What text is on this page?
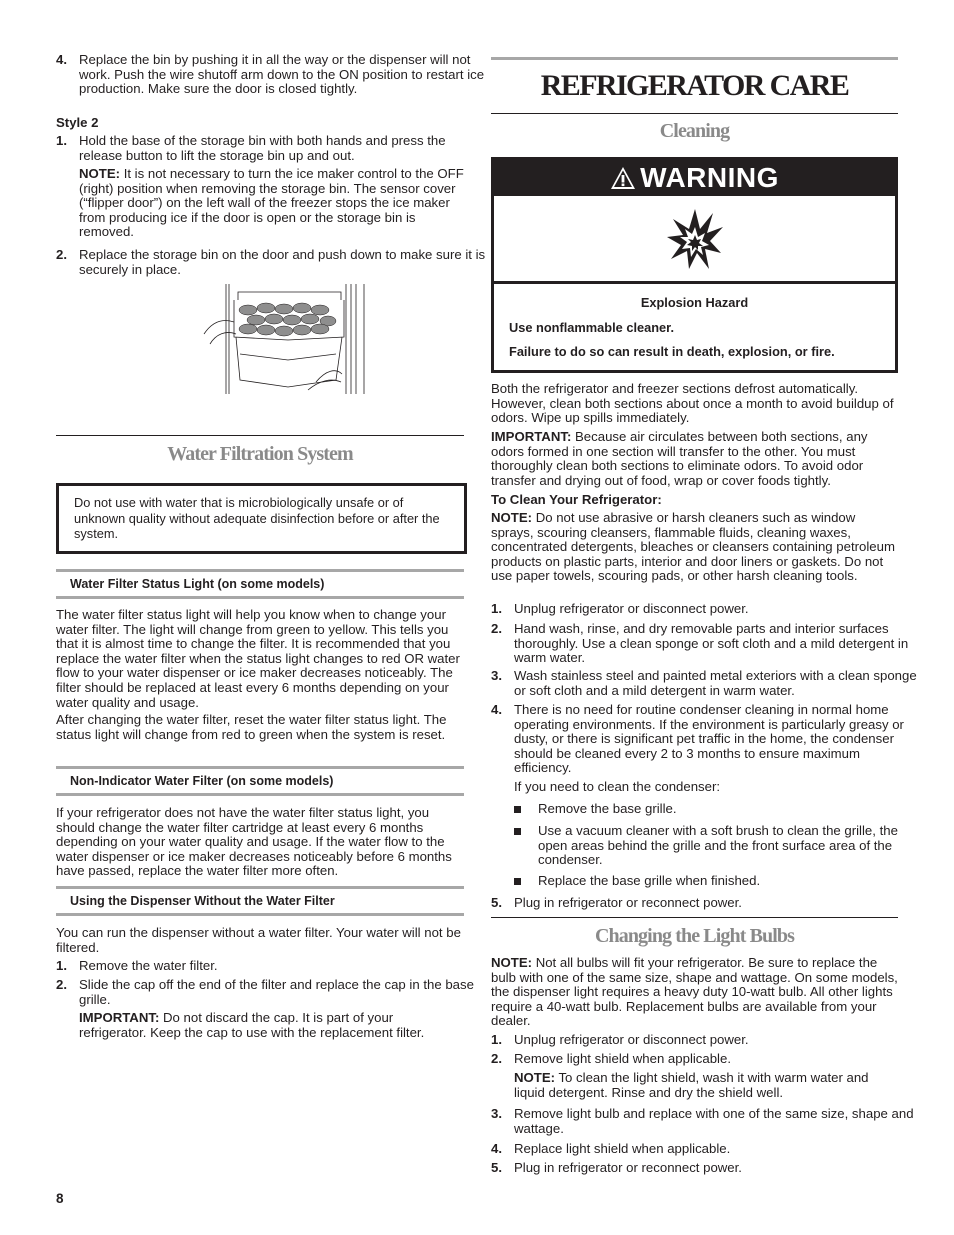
4. Replace the bin by pushing it in all the way or the dispenser will not work. Push the wire shutoff arm down to the ON position to restart ice production. Make sure the door is closed tightly.
Style 2
1. Hold the base of the storage bin with both hands and press the release button to lift the storage bin up and out.
NOTE: It is not necessary to turn the ice maker control to the OFF (right) position when removing the storage bin. The sensor cover (“flipper door”) on the left wall of the freezer stops the ice maker from producing ice if the door is open or the storage bin is removed.
2. Replace the storage bin on the door and push down to make sure it is securely in place.
Water Filtration System
Do not use with water that is microbiologically unsafe or of unknown quality without adequate disinfection before or after the system.
Water Filter Status Light (on some models)
The water filter status light will help you know when to change your water filter. The light will change from green to yellow. This tells you that it is almost time to change the filter. It is recommended that you replace the water filter when the status light changes to red OR water flow to your water dispenser or ice maker decreases noticeably. The filter should be replaced at least every 6 months depending on your water quality and usage.
After changing the water filter, reset the water filter status light. The status light will change from red to green when the system is reset.
Non-Indicator Water Filter (on some models)
If your refrigerator does not have the water filter status light, you should change the water filter cartridge at least every 6 months depending on your water quality and usage. If the water flow to the water dispenser or ice maker decreases noticeably before 6 months have passed, replace the water filter more often.
Using the Dispenser Without the Water Filter
You can run the dispenser without a water filter. Your water will not be filtered.
1. Remove the water filter.
2. Slide the cap off the end of the filter and replace the cap in the base grille.
IMPORTANT: Do not discard the cap. It is part of your refrigerator. Keep the cap to use with the replacement filter.
8
REFRIGERATOR CARE
Cleaning
WARNING
Explosion Hazard
Use nonflammable cleaner.
Failure to do so can result in death, explosion, or fire.
Both the refrigerator and freezer sections defrost automatically. However, clean both sections about once a month to avoid buildup of odors. Wipe up spills immediately.
IMPORTANT: Because air circulates between both sections, any odors formed in one section will transfer to the other. You must thoroughly clean both sections to eliminate odors. To avoid odor transfer and drying out of food, wrap or cover foods tightly.
To Clean Your Refrigerator:
NOTE: Do not use abrasive or harsh cleaners such as window sprays, scouring cleansers, flammable fluids, cleaning waxes, concentrated detergents, bleaches or cleansers containing petroleum products on plastic parts, interior and door liners or gaskets. Do not use paper towels, scouring pads, or other harsh cleaning tools.
1. Unplug refrigerator or disconnect power.
2. Hand wash, rinse, and dry removable parts and interior surfaces thoroughly. Use a clean sponge or soft cloth and a mild detergent in warm water.
3. Wash stainless steel and painted metal exteriors with a clean sponge or soft cloth and a mild detergent in warm water.
4. There is no need for routine condenser cleaning in normal home operating environments. If the environment is particularly greasy or dusty, or there is significant pet traffic in the home, the condenser should be cleaned every 2 to 3 months to ensure maximum efficiency.
If you need to clean the condenser:
Remove the base grille.
Use a vacuum cleaner with a soft brush to clean the grille, the open areas behind the grille and the front surface area of the condenser.
Replace the base grille when finished.
5. Plug in refrigerator or reconnect power.
Changing the Light Bulbs
NOTE: Not all bulbs will fit your refrigerator. Be sure to replace the bulb with one of the same size, shape and wattage. On some models, the dispenser light requires a heavy duty 10-watt bulb. All other lights require a 40-watt bulb. Replacement bulbs are available from your dealer.
1. Unplug refrigerator or disconnect power.
2. Remove light shield when applicable.
NOTE: To clean the light shield, wash it with warm water and liquid detergent. Rinse and dry the shield well.
3. Remove light bulb and replace with one of the same size, shape and wattage.
4. Replace light shield when applicable.
5. Plug in refrigerator or reconnect power.
